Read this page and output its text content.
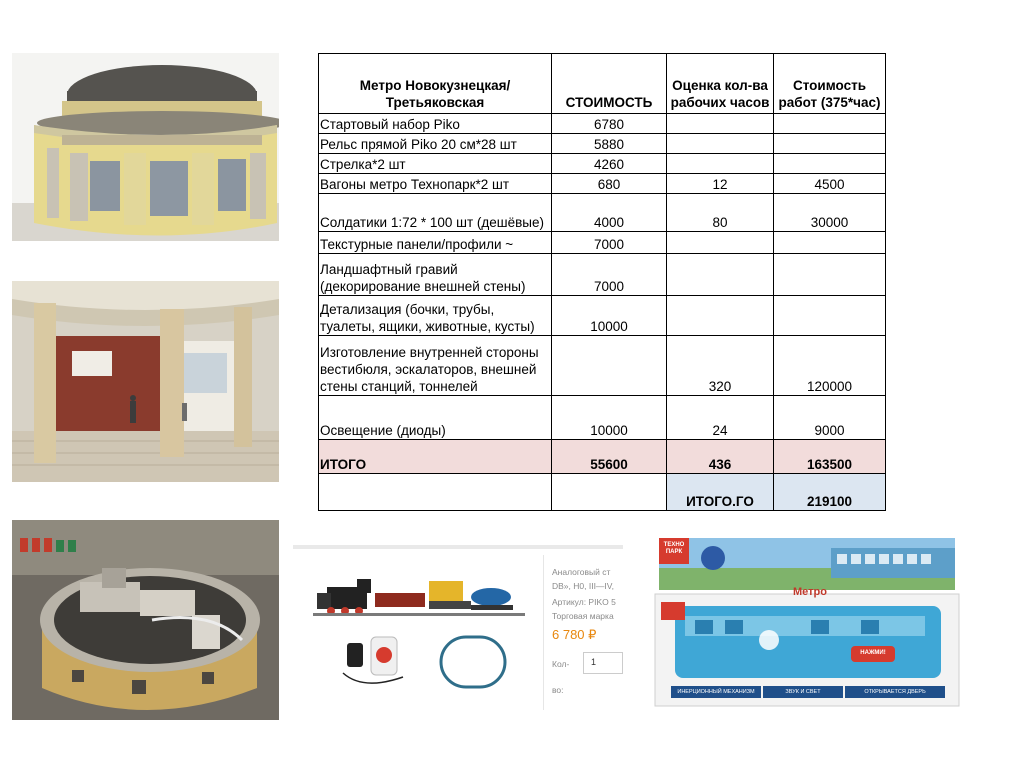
Метро Новокузнецкая/Третьяковская	СТОИМОСТЬ	Оценка кол-ва рабочих часов	Стоимость работ (375*час)
Стартовый набор Piko	6780		
Рельс прямой Piko 20 см*28 шт	5880		
Стрелка*2 шт	4260		
Вагоны метро Технопарк*2 шт	680	12	4500
Солдатики 1:72 * 100 шт (дешёвые)	4000	80	30000
Текстурные панели/профили ~	7000		
Ландшафтный гравий (декорирование внешней стены)	7000		
Детализация (бочки, трубы, туалеты, ящики, животные, кусты)	10000		
Изготовление внутренней стороны вестибюля, эскалаторов, внешней стены станций, тоннелей		320	120000
Освещение (диоды)	10000	24	9000
ИТОГО	55600	436	163500
		ИТОГО.ГО	219100
Аналоговый ст
DB», H0, III—IV,
Артикул: PIKO 5
Торговая марка
6 780 ₽
Кол-	1
во:
ТЕХНО ПАРК
Метро
НАЖМИ!
ИНЕРЦИОННЫЙ МЕХАНИЗМ	ЗВУК И СВЕТ	ОТКРЫВАЕТСЯ ДВЕРЬ
